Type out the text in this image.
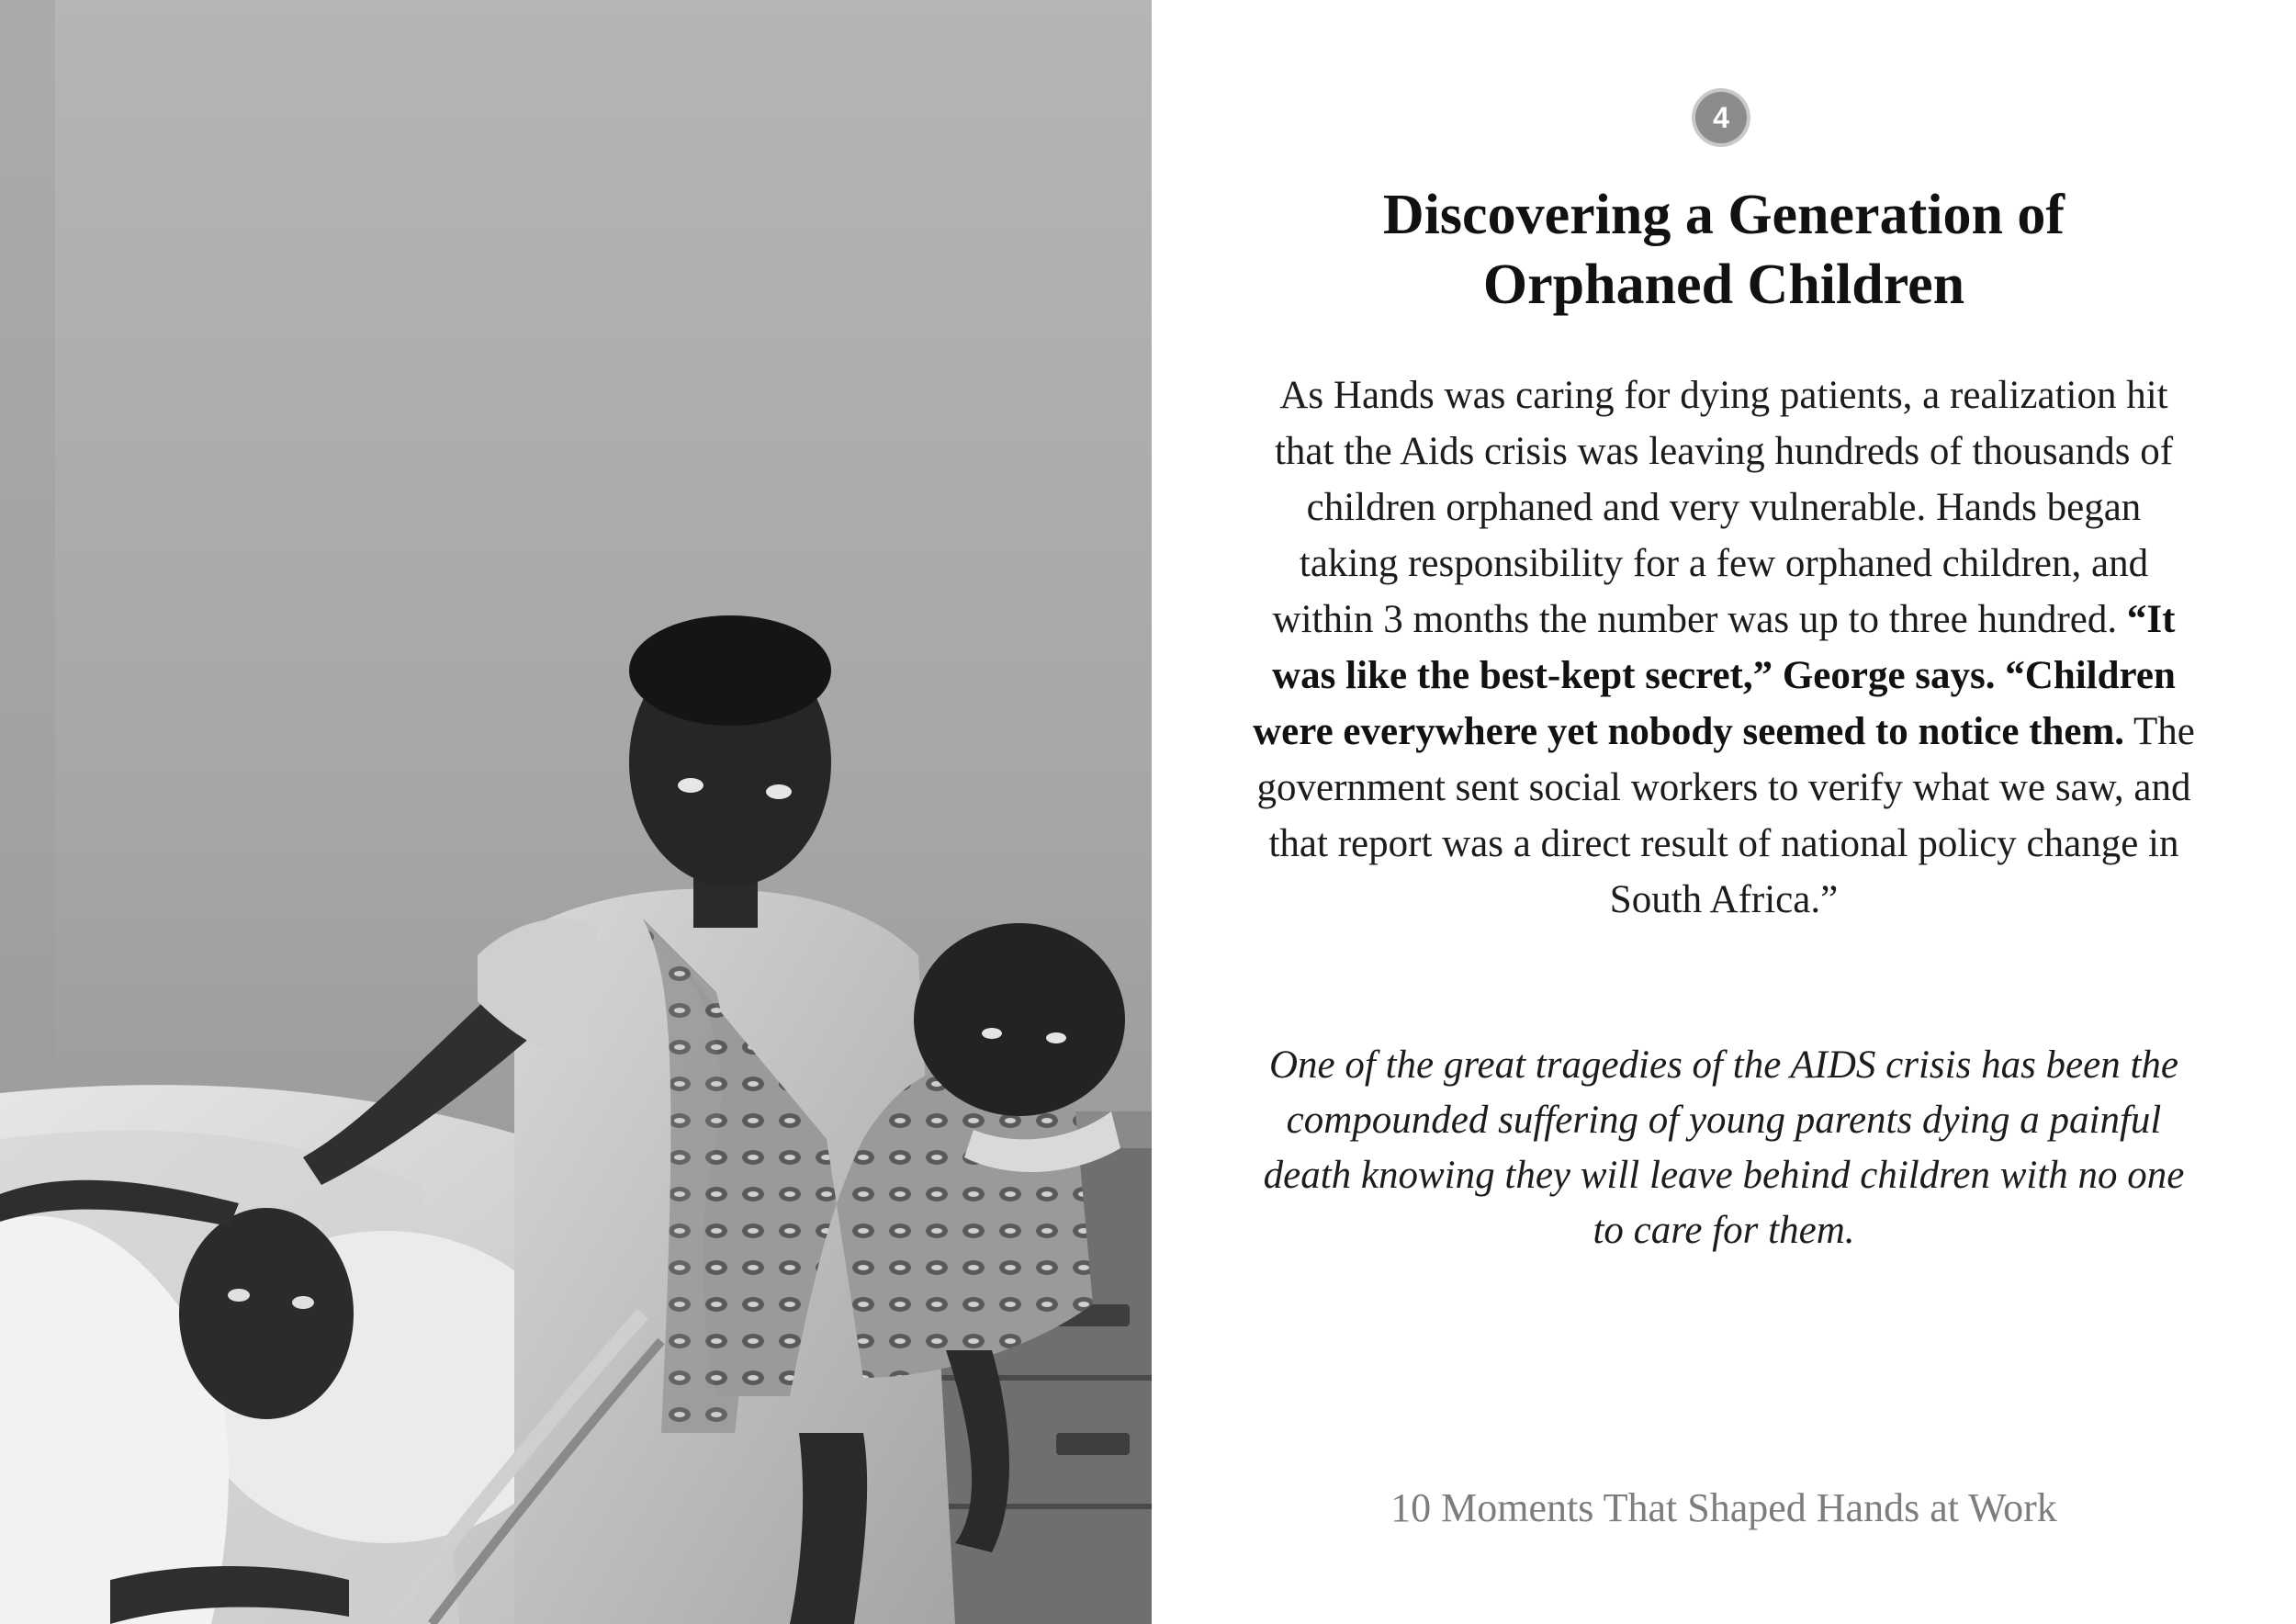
4
Discovering a Generation of
Orphaned Children

As Hands was caring for dying patients, a realization hit that the Aids crisis was leaving hundreds of thousands of children orphaned and very vulnerable. Hands began taking responsibility for a few orphaned children, and within 3 months the number was up to three hundred. “It was like the best-kept secret,” George says. “Children were everywhere yet nobody seemed to notice them. The government sent social workers to verify what we saw, and that report was a direct result of national policy change in South Africa.”

One of the great tragedies of the AIDS crisis has been the compounded suffering of young parents dying a painful death knowing they will leave behind children with no one to care for them.

10 Moments That Shaped Hands at Work
